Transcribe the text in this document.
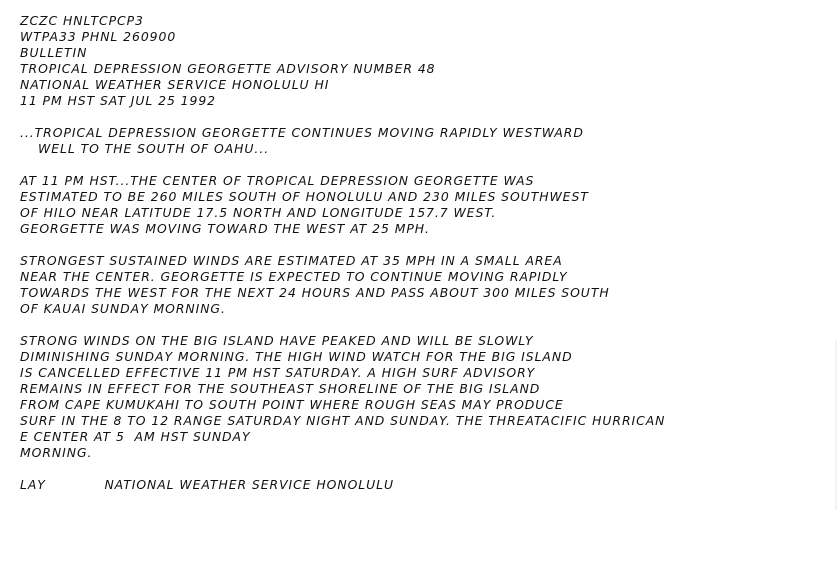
ZCZC HNLTCPCP3

WTPA33 PHNL 260900

BULLETIN

TROPICAL DEPRESSION GEORGETTE ADVISORY NUMBER 48

NATIONAL WEATHER SERVICE HONOLULU HI

11 PM HST SAT JUL 25 1992

...TROPICAL DEPRESSION GEORGETTE CONTINUES MOVING RAPIDLY WESTWARD

WELL TO THE SOUTH OF OAHU...

AT 11 PM HST...THE CENTER OF TROPICAL DEPRESSION GEORGETTE WAS

ESTIMATED TO BE 260 MILES SOUTH OF HONOLULU AND 230 MILES SOUTHWEST

OF HILO NEAR LATITUDE 17.5 NORTH AND LONGITUDE 157.7 WEST.

GEORGETTE WAS MOVING TOWARD THE WEST AT 25 MPH.

STRONGEST SUSTAINED WINDS ARE ESTIMATED AT 35 MPH IN A SMALL AREA

NEAR THE CENTER. GEORGETTE IS EXPECTED TO CONTINUE MOVING RAPIDLY

TOWARDS THE WEST FOR THE NEXT 24 HOURS AND PASS ABOUT 300 MILES SOUTH

OF KAUAI SUNDAY MORNING.

STRONG WINDS ON THE BIG ISLAND HAVE PEAKED AND WILL BE SLOWLY

DIMINISHING SUNDAY MORNING. THE HIGH WIND WATCH FOR THE BIG ISLAND

IS CANCELLED EFFECTIVE 11 PM HST SATURDAY. A HIGH SURF ADVISORY

REMAINS IN EFFECT FOR THE SOUTHEAST SHORELINE OF THE BIG ISLAND

FROM CAPE KUMUKAHI TO SOUTH POINT WHERE ROUGH SEAS MAY PRODUCE

SURF IN THE 8 TO 12 RANGE SATURDAY NIGHT AND SUNDAY. THE THREATACIFIC HURRICAN

E CENTER AT 5  AM HST SUNDAY

MORNING.

LAY            NATIONAL WEATHER SERVICE HONOLULU
